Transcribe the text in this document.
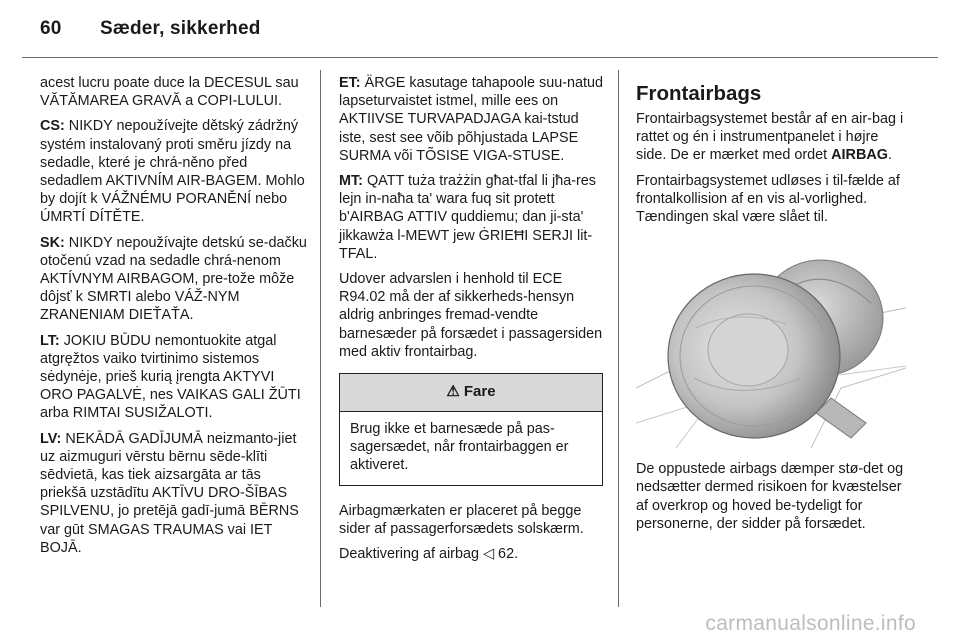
60 Sæder, sikkerhed

acest lucru poate duce la DECESUL sau VĂTĂMAREA GRAVĂ a COPI-LULUI.

CS: NIKDY nepoužívejte dětský zádržný systém instalovaný proti směru jízdy na sedadle, které je chrá-něno před sedadlem AKTIVNÍM AIR-BAGEM. Mohlo by dojít k VÁŽNÉMU PORANĚNÍ nebo ÚMRTÍ DÍTĚTE.

SK: NIKDY nepoužívajte detskú se-dačku otočenú vzad na sedadle chrá-nenom AKTÍVNYM AIRBAGOM, pre-tože môže dôjsť k SMRTI alebo VÁŽ-NYM ZRANENIAM DIEŤAŤA.

LT: JOKIU BŪDU nemontuokite atgal atgręžtos vaiko tvirtinimo sistemos sėdynėje, prieš kurią įrengta AKTYVI ORO PAGALVĖ, nes VAIKAS GALI ŽŪTI arba RIMTAI SUSIŽALOTI.

LV: NEKĀDĀ GADĪJUMĀ neizmanto-jiet uz aizmuguri vērstu bērnu sēde-klīti sēdvietā, kas tiek aizsargāta ar tās priekšā uzstādītu AKTĪVU DRO-ŠĪBAS SPILVENU, jo pretējā gadī-jumā BĒRNS var gūt SMAGAS TRAUMAS vai IET BOJĀ.

ET: ÄRGE kasutage tahapoole suu-natud lapseturvaistet istmel, mille ees on AKTIIVSE TURVAPADJAGA kai-tstud iste, sest see võib põhjustada LAPSE SURMA või TÕSISE VIGA-STUSE.

MT: QATT tuża trażżin għat-tfal li jħa-res lejn in-naħa ta' wara fuq sit protett b'AIRBAG ATTIV quddiemu; dan ji-sta' jikkawża l-MEWT jew ĠRIEĦI SERJI lit-TFAL.

Udover advarslen i henhold til ECE R94.02 må der af sikkerheds-hensyn aldrig anbringes fremad-vendte barnesæder på forsædet i passagersiden med aktiv frontairbag.

⚠ Fare
Brug ikke et barnesæde på pas-sagersædet, når frontairbaggen er aktiveret.

Airbagmærkaten er placeret på begge sider af passagerforsædets solskærm.

Deaktivering af airbag ◁ 62.

Frontairbags

Frontairbagsystemet består af en air-bag i rattet og én i instrumentpanelet i højre side. De er mærket med ordet AIRBAG.

Frontairbagsystemet udløses i til-fælde af frontalkollision af en vis al-vorlighed. Tændingen skal være slået til.

De oppustede airbags dæmper stø-det og nedsætter dermed risikoen for kvæstelser af overkrop og hoved be-tydeligt for personerne, der sidder på forsædet.

carmanualsonline.info
